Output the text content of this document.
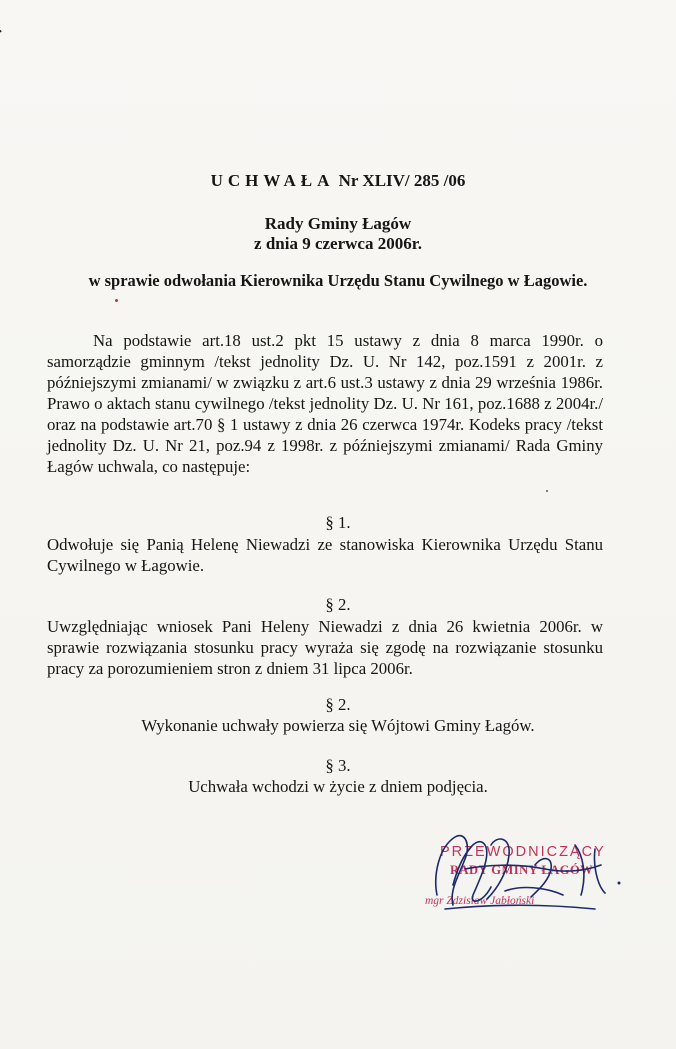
UCHWAŁA Nr XLIV/ 285 /06
Rady Gminy Łagów
z dnia 9 czerwca 2006r.
w sprawie odwołania Kierownika Urzędu Stanu Cywilnego w Łagowie.
Na podstawie art.18 ust.2 pkt 15 ustawy z dnia 8 marca 1990r. o samorządzie gminnym /tekst jednolity Dz. U. Nr 142, poz.1591 z 2001r. z późniejszymi zmianami/ w związku z art.6 ust.3 ustawy z dnia 29 września 1986r. Prawo o aktach stanu cywilnego /tekst jednolity Dz. U. Nr 161, poz.1688 z 2004r./ oraz na podstawie art.70 § 1 ustawy z dnia 26 czerwca 1974r. Kodeks pracy /tekst jednolity Dz. U. Nr 21, poz.94 z 1998r. z późniejszymi zmianami/ Rada Gminy Łagów uchwala, co następuje:
§ 1.
Odwołuje się Panią Helenę Niewadzi ze stanowiska Kierownika Urzędu Stanu Cywilnego w Łagowie.
§ 2.
Uwzględniając wniosek Pani Heleny Niewadzi z dnia 26 kwietnia 2006r. w sprawie rozwiązania stosunku pracy wyraża się zgodę na rozwiązanie stosunku pracy za porozumieniem stron z dniem 31 lipca 2006r.
§ 2.
Wykonanie uchwały powierza się Wójtowi Gminy Łagów.
§ 3.
Uchwała wchodzi w życie z dniem podjęcia.
PRZEWODNICZĄCY
RADY GMINY ŁAGÓW
mgr Zdzisław Jabłoński
